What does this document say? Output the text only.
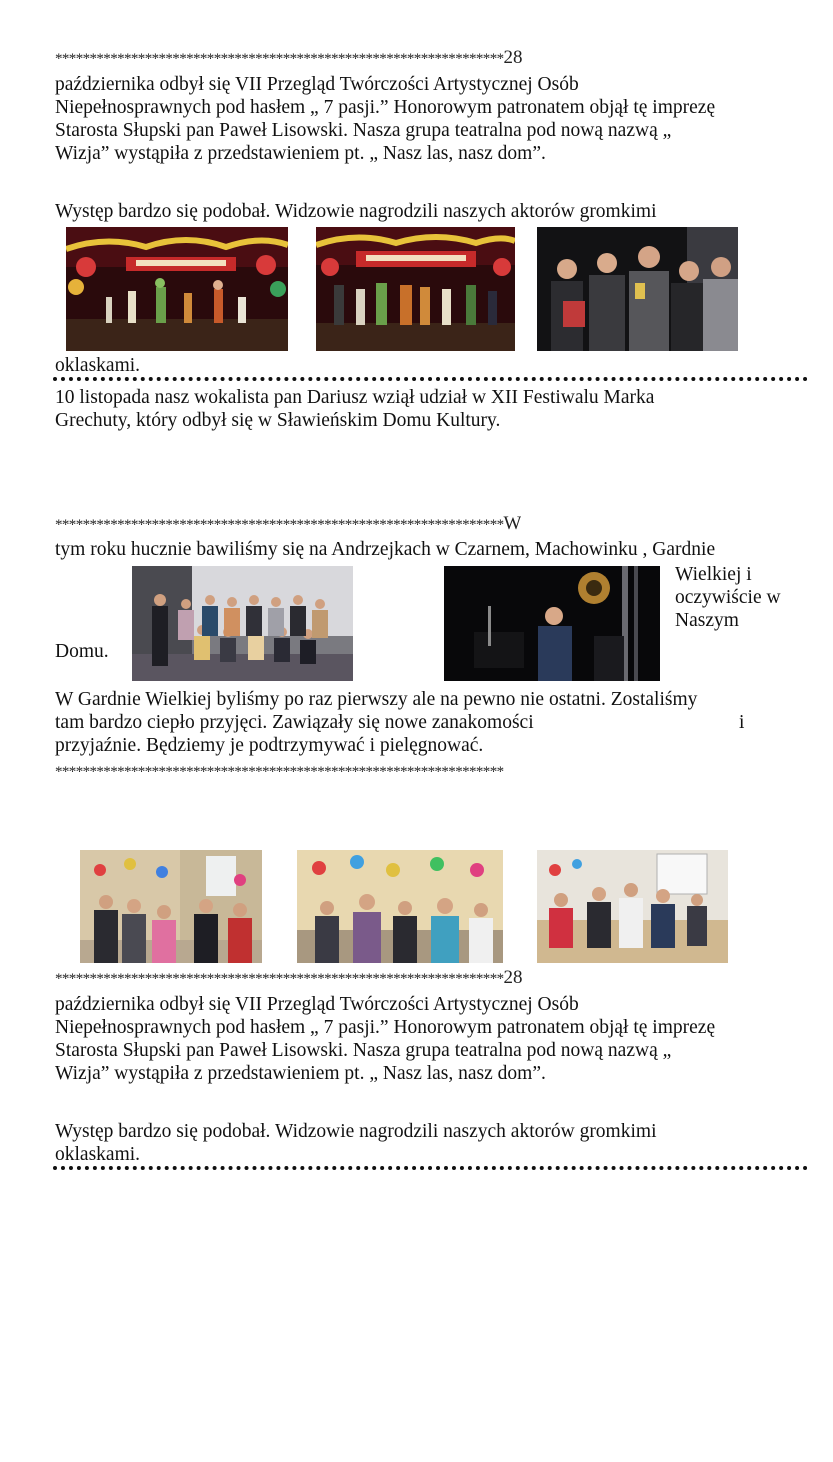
*****************************************************************28
października odbył się VII Przegląd Twórczości Artystycznej Osób
Niepełnosprawnych pod hasłem „ 7 pasji.” Honorowym patronatem objął tę imprezę
Starosta Słupski pan Paweł Lisowski. Nasza grupa teatralna pod nową nazwą „
Wizja” wystąpiła z przedstawieniem pt. „ Nasz las, nasz dom”.
Występ bardzo się podobał. Widzowie nagrodzili naszych aktorów gromkimi
oklaskami.
10 listopada nasz wokalista pan Dariusz wziął udział w XII Festiwalu Marka
Grechuty, który odbył się w Sławieńskim Domu Kultury.
*****************************************************************W
tym roku hucznie bawiliśmy się na Andrzejkach w Czarnem, Machowinku , Gardnie
Wielkiej i
oczywiście w
Naszym
Domu.
W Gardnie Wielkiej byliśmy po raz pierwszy ale na pewno nie ostatni. Zostaliśmy
tam bardzo ciepło przyjęci. Zawiązały się nowe zanakomości
przyjaźnie. Będziemy je podtrzymywać i pielęgnować.
i
*****************************************************************
*****************************************************************28
października odbył się VII Przegląd Twórczości Artystycznej Osób
Niepełnosprawnych pod hasłem „ 7 pasji.” Honorowym patronatem objął tę imprezę
Starosta Słupski pan Paweł Lisowski. Nasza grupa teatralna pod nową nazwą „
Wizja” wystąpiła z przedstawieniem pt. „ Nasz las, nasz dom”.
Występ bardzo się podobał. Widzowie nagrodzili naszych aktorów gromkimi
oklaskami.
